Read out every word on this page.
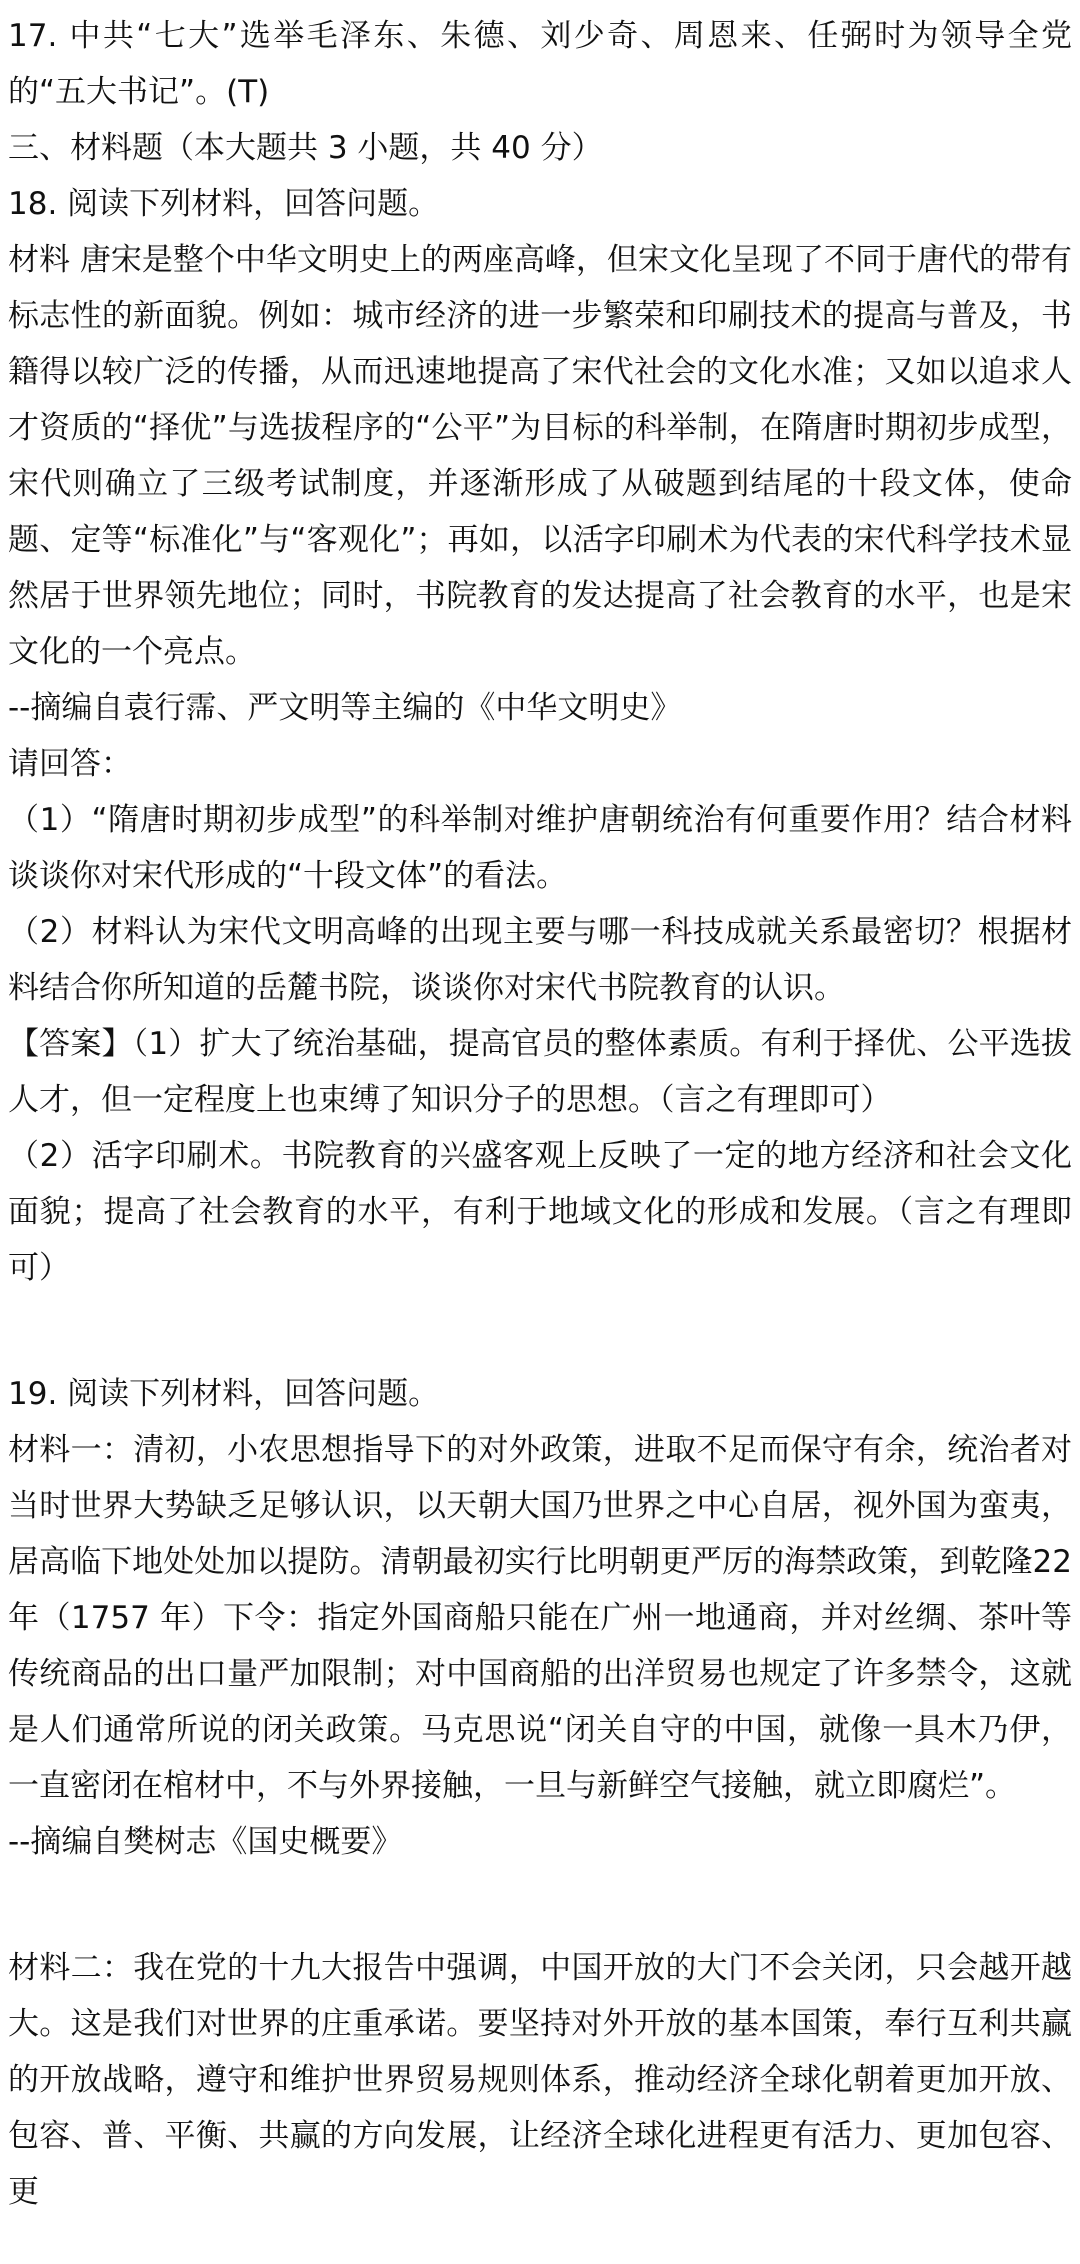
17. 中共“七大”选举毛泽东、朱德、刘少奇、周恩来、任弼时为领导全党的“五大书记”。(T)

三、材料题（本大题共 3 小题，共 40 分）

18. 阅读下列材料，回答问题。

材料 唐宋是整个中华文明史上的两座高峰，但宋文化呈现了不同于唐代的带有标志性的新面貌。例如：城市经济的进一步繁荣和印刷技术的提高与普及，书籍得以较广泛的传播，从而迅速地提高了宋代社会的文化水准；又如以追求人才资质的“择优”与选拔程序的“公平”为目标的科举制，在隋唐时期初步成型，宋代则确立了三级考试制度，并逐渐形成了从破题到结尾的十段文体，使命题、定等“标准化”与“客观化”；再如，以活字印刷术为代表的宋代科学技术显然居于世界领先地位；同时，书院教育的发达提高了社会教育的水平，也是宋文化的一个亮点。

--摘编自袁行霈、严文明等主编的《中华文明史》

请回答：

（1）“隋唐时期初步成型”的科举制对维护唐朝统治有何重要作用？结合材料谈谈你对宋代形成的“十段文体”的看法。

（2）材料认为宋代文明高峰的出现主要与哪一科技成就关系最密切？根据材料结合你所知道的岳麓书院，谈谈你对宋代书院教育的认识。

【答案】（1）扩大了统治基础，提高官员的整体素质。有利于择优、公平选拔人才，但一定程度上也束缚了知识分子的思想。（言之有理即可）

（2）活字印刷术。书院教育的兴盛客观上反映了一定的地方经济和社会文化面貌；提高了社会教育的水平，有利于地域文化的形成和发展。（言之有理即可）

19. 阅读下列材料，回答问题。

材料一：清初，小农思想指导下的对外政策，进取不足而保守有余，统治者对当时世界大势缺乏足够认识，以天朝大国乃世界之中心自居，视外国为蛮夷，居高临下地处处加以提防。清朝最初实行比明朝更严厉的海禁政策，到乾隆22 年（1757 年）下令：指定外国商船只能在广州一地通商，并对丝绸、茶叶等传统商品的出口量严加限制；对中国商船的出洋贸易也规定了许多禁令，这就是人们通常所说的闭关政策。马克思说“闭关自守的中国，就像一具木乃伊，一直密闭在棺材中，不与外界接触，一旦与新鲜空气接触，就立即腐烂”。

--摘编自樊树志《国史概要》

材料二：我在党的十九大报告中强调，中国开放的大门不会关闭，只会越开越大。这是我们对世界的庄重承诺。要坚持对外开放的基本国策，奉行互利共赢的开放战略，遵守和维护世界贸易规则体系，推动经济全球化朝着更加开放、包容、普、平衡、共赢的方向发展，让经济全球化进程更有活力、更加包容、更
